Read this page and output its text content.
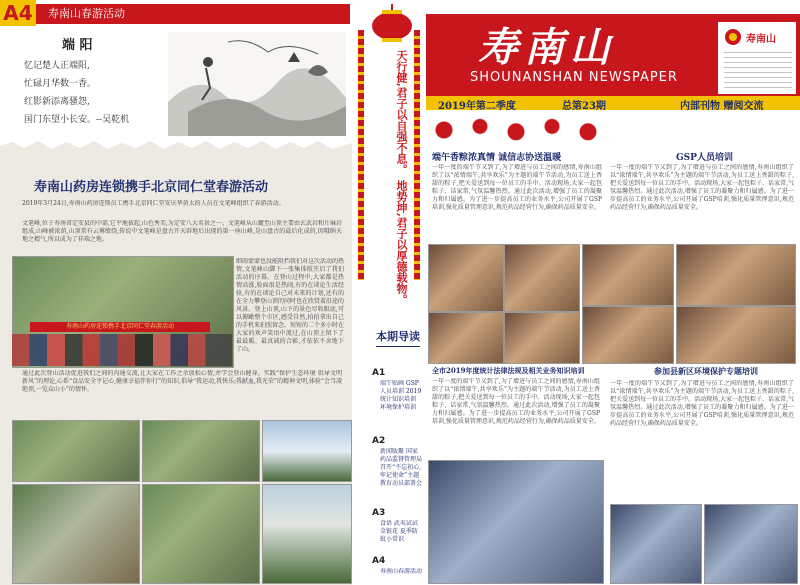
A4 寿南山春游活动
端 阳
忆记楚人正端阳,
忙碌月华数一香。
红影新添离骚怨,
国门东望小长安。--吴乾机
寿南山药房连锁携手北京同仁堂春游活动
2019年3月24日,寿南山药房连锁员工携手北京同仁堂安庆华黄太的人员在文笔峰组织了春游活动。
文笔峰,位于寿南省定安县的中部,它平地拔起,山色秀美,为定安八大名景之一。文笔峰从山麓至山顶主要由玄武岩和片麻岩组成,山峰被浓荫,山顶常有云雾缭绕,传说中文笔峰是盘古开天辟地后出现的第一座山峰,是山盘古的最后化成的,因哦纳天地之精气,所以成为了祥瑞之地。
寿南山药房连锁携手北京同仁堂春游活动
细雨蒙蒙也没能阻挡我们对这次活动的热情,文笔峰山脚下一张集体照开启了我们活动的序幕。在登山过程中,大家都是热情高涨,脸面很是热闹,有的在谈论生活经验,有的在谈论自己对未来的计划,还有的在全力攀登山顶的同时也在欣赏着沿途的风景。登上山顶,山下的景色尽收眼底,可以俯瞰整个市区,感受自然,拍拍拿出自己的手机来拍照留念。短短的二个多小时在大家的欢声笑语中流过,在山顶上留下了最最暖、最真诚的合影,才依依不舍地下了山。
通过此次登山活动促进我们之间的沟通交流,让大家在工作之余放松心情,并学会登山健身。实践“保护生态环境 倡导文明新风”的理论,心系“食品安全平记心,健康幸福伴你行”的知识,倡导“我运动,我快乐;我献血,我光荣”的精神文明,体验“会当凌绝顶,一览众山小”的情怀。
天行健,君子以自强不息。
地势坤,君子以厚德载物。
本期导读
A1
端午贴画 GSP人员培训 2019统计知识培训 环境保护培训
A2
新闻版聚 国家药品监督管理局召开“不忘初心,牢记使命”主题教育动员部署会
A3
食语 武夷试试金银花 夏季防蚊小常识
A4
寿南山春游活动
寿南山
SHOUNANSHAN NEWSPAPER
寿南山
2019年第二季度	总第23期	内部刊物 赠阅交流
端午香粽浓真情 诚信志协送温暖
一年一度的端午节又到了,为了增进与员工之间的感情,寿南山组织了以“浓情端午,共享欢乐”为主题的端午节活动,为员工送上香甜的粽子,把关爱送到每一位员工的手中。活动现场,大家一起包粽子、话家常,气氛温馨热烈。通过此次活动,增强了员工的凝聚力和归属感。为了进一步提高员工的业务水平,公司开展了GSP培训,强化质量管理意识,规范药品经营行为,确保药品质量安全。
GSP人员培训
一年一度的端午节又到了,为了增进与员工之间的感情,寿南山组织了以“浓情端午,共享欢乐”为主题的端午节活动,为员工送上香甜的粽子,把关爱送到每一位员工的手中。活动现场,大家一起包粽子、话家常,气氛温馨热烈。通过此次活动,增强了员工的凝聚力和归属感。为了进一步提高员工的业务水平,公司开展了GSP培训,强化质量管理意识,规范药品经营行为,确保药品质量安全。
全市2019年度统计法律法规及相关业务知识培训
一年一度的端午节又到了,为了增进与员工之间的感情,寿南山组织了以“浓情端午,共享欢乐”为主题的端午节活动,为员工送上香甜的粽子,把关爱送到每一位员工的手中。活动现场,大家一起包粽子、话家常,气氛温馨热烈。通过此次活动,增强了员工的凝聚力和归属感。为了进一步提高员工的业务水平,公司开展了GSP培训,强化质量管理意识,规范药品经营行为,确保药品质量安全。
参加县新区环境保护专题培训
一年一度的端午节又到了,为了增进与员工之间的感情,寿南山组织了以“浓情端午,共享欢乐”为主题的端午节活动,为员工送上香甜的粽子,把关爱送到每一位员工的手中。活动现场,大家一起包粽子、话家常,气氛温馨热烈。通过此次活动,增强了员工的凝聚力和归属感。为了进一步提高员工的业务水平,公司开展了GSP培训,强化质量管理意识,规范药品经营行为,确保药品质量安全。
